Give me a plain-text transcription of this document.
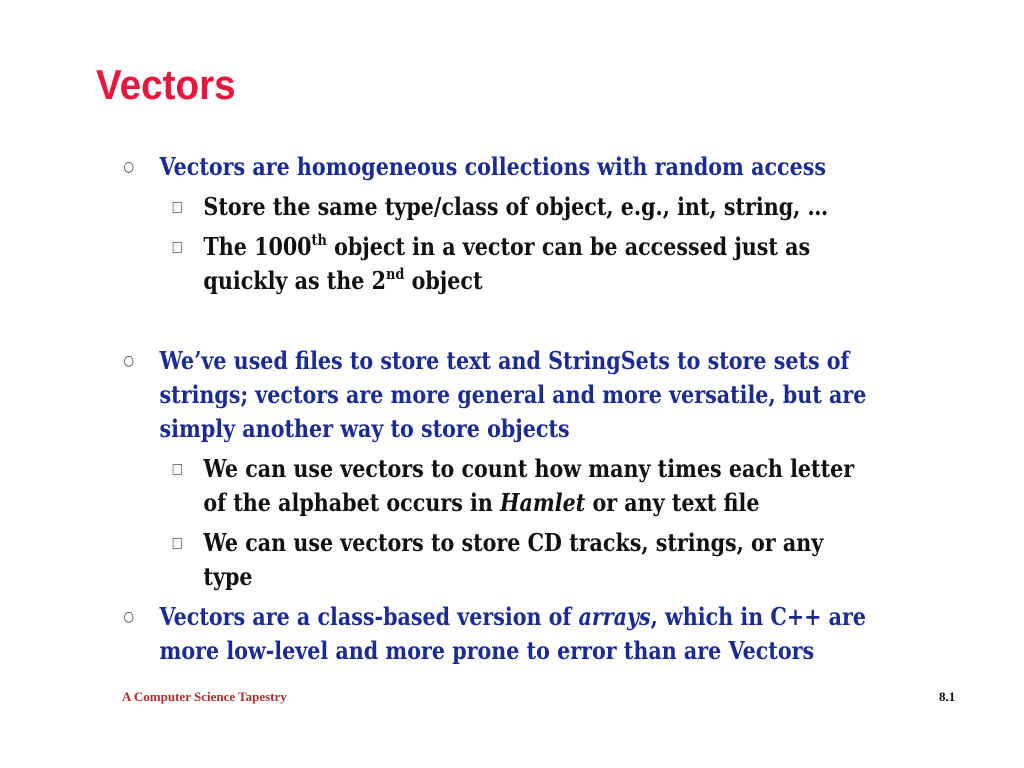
Vectors
○ Vectors are homogeneous collections with random access
□ Store the same type/class of object, e.g., int, string, …
□ The 1000th object in a vector can be accessed just as quickly as the 2nd object
○ We’ve used files to store text and StringSets to store sets of strings; vectors are more general and more versatile, but are simply another way to store objects
□ We can use vectors to count how many times each letter of the alphabet occurs in Hamlet or any text file
□ We can use vectors to store CD tracks, strings, or any type
○ Vectors are a class-based version of arrays, which in C++ are more low-level and more prone to error than are Vectors
A Computer Science Tapestry	8.1
